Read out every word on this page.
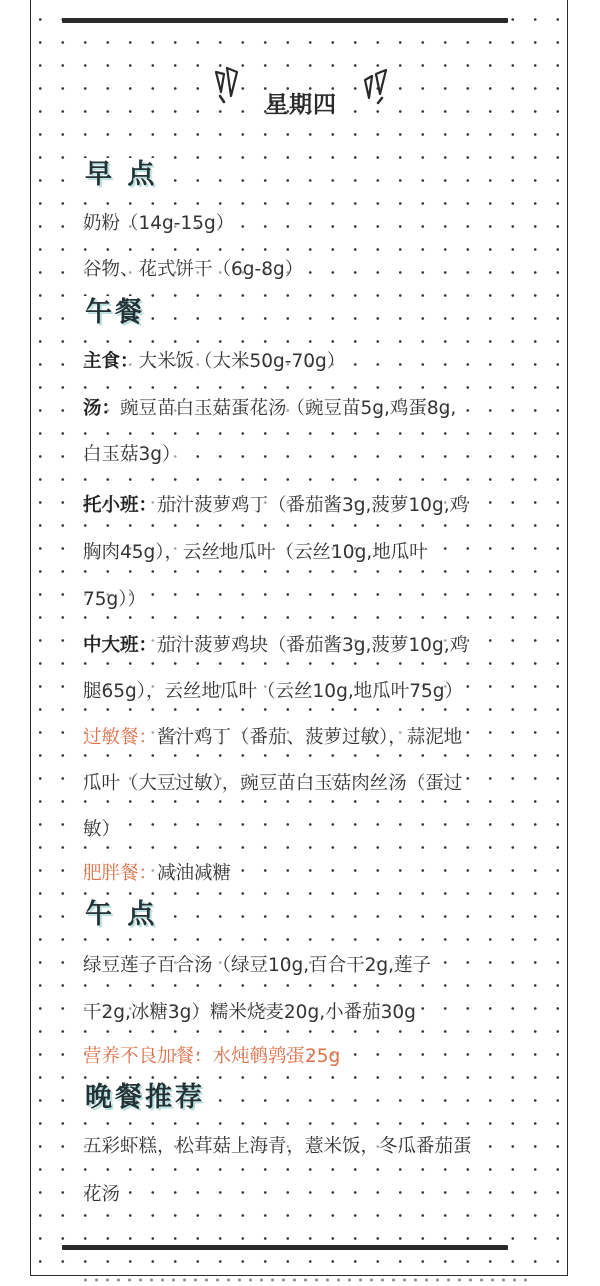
星期四
早 点
奶粉（14g-15g）
谷物、花式饼干（6g-8g）
午餐
主食：大米饭（大米50g-70g）
汤：豌豆苗白玉菇蛋花汤（豌豆苗5g,鸡蛋8g,
白玉菇3g）
托小班：茄汁菠萝鸡丁（番茄酱3g,菠萝10g,鸡
胸肉45g），云丝地瓜叶（云丝10g,地瓜叶
75g））
中大班：茄汁菠萝鸡块（番茄酱3g,菠萝10g,鸡
腿65g），云丝地瓜叶（云丝10g,地瓜叶75g）
过敏餐：酱汁鸡丁（番茄、菠萝过敏），蒜泥地
瓜叶（大豆过敏），豌豆苗白玉菇肉丝汤（蛋过
敏）
肥胖餐：减油减糖
午 点
绿豆莲子百合汤（绿豆10g,百合干2g,莲子
干2g,冰糖3g）糯米烧麦20g,小番茄30g
营养不良加餐：水炖鹌鹑蛋25g
晚餐推荐
五彩虾糕，松茸菇上海青，薏米饭，冬瓜番茄蛋
花汤
